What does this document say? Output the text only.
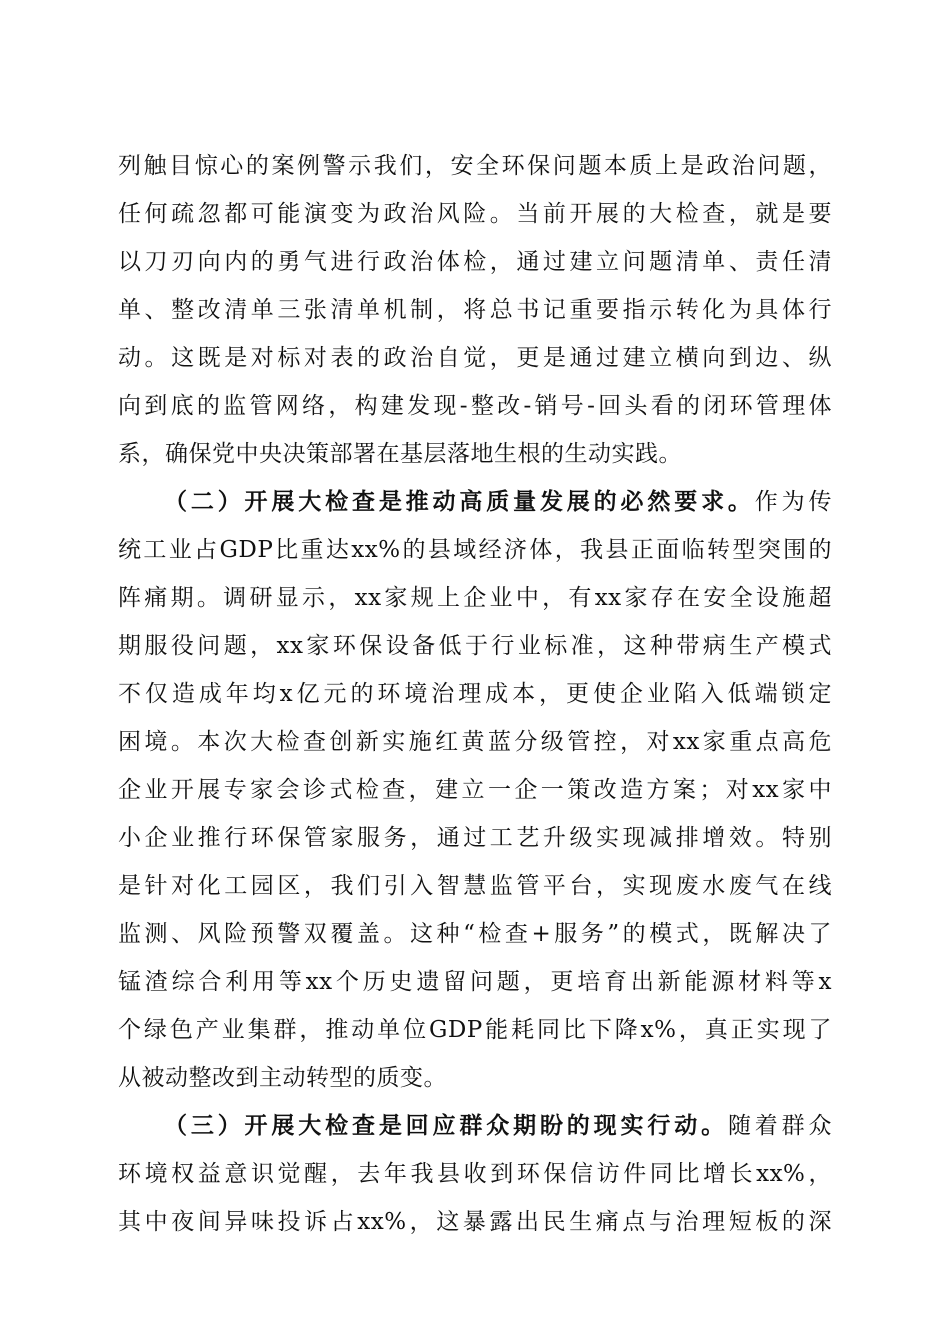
列触目惊心的案例警示我们，安全环保问题本质上是政治问题，
任何疏忽都可能演变为政治风险。当前开展的大检查，就是要
以刀刃向内的勇气进行政治体检，通过建立问题清单、责任清
单、整改清单三张清单机制，将总书记重要指示转化为具体行
动。这既是对标对表的政治自觉，更是通过建立横向到边、纵
向到底的监管网络，构建发现-整改-销号-回头看的闭环管理体
系，确保党中央决策部署在基层落地生根的生动实践。
（二）开展大检查是推动高质量发展的必然要求。作为传
统工业占GDP比重达xx%的县域经济体，我县正面临转型突围的
阵痛期。调研显示，xx家规上企业中，有xx家存在安全设施超
期服役问题，xx家环保设备低于行业标准，这种带病生产模式
不仅造成年均x亿元的环境治理成本，更使企业陷入低端锁定
困境。本次大检查创新实施红黄蓝分级管控，对xx家重点高危
企业开展专家会诊式检查，建立一企一策改造方案；对xx家中
小企业推行环保管家服务，通过工艺升级实现减排增效。特别
是针对化工园区，我们引入智慧监管平台，实现废水废气在线
监测、风险预警双覆盖。这种“检查+服务”的模式，既解决了
锰渣综合利用等xx个历史遗留问题，更培育出新能源材料等x
个绿色产业集群，推动单位GDP能耗同比下降x%，真正实现了
从被动整改到主动转型的质变。
（三）开展大检查是回应群众期盼的现实行动。随着群众
环境权益意识觉醒，去年我县收到环保信访件同比增长xx%，
其中夜间异味投诉占xx%，这暴露出民生痛点与治理短板的深
